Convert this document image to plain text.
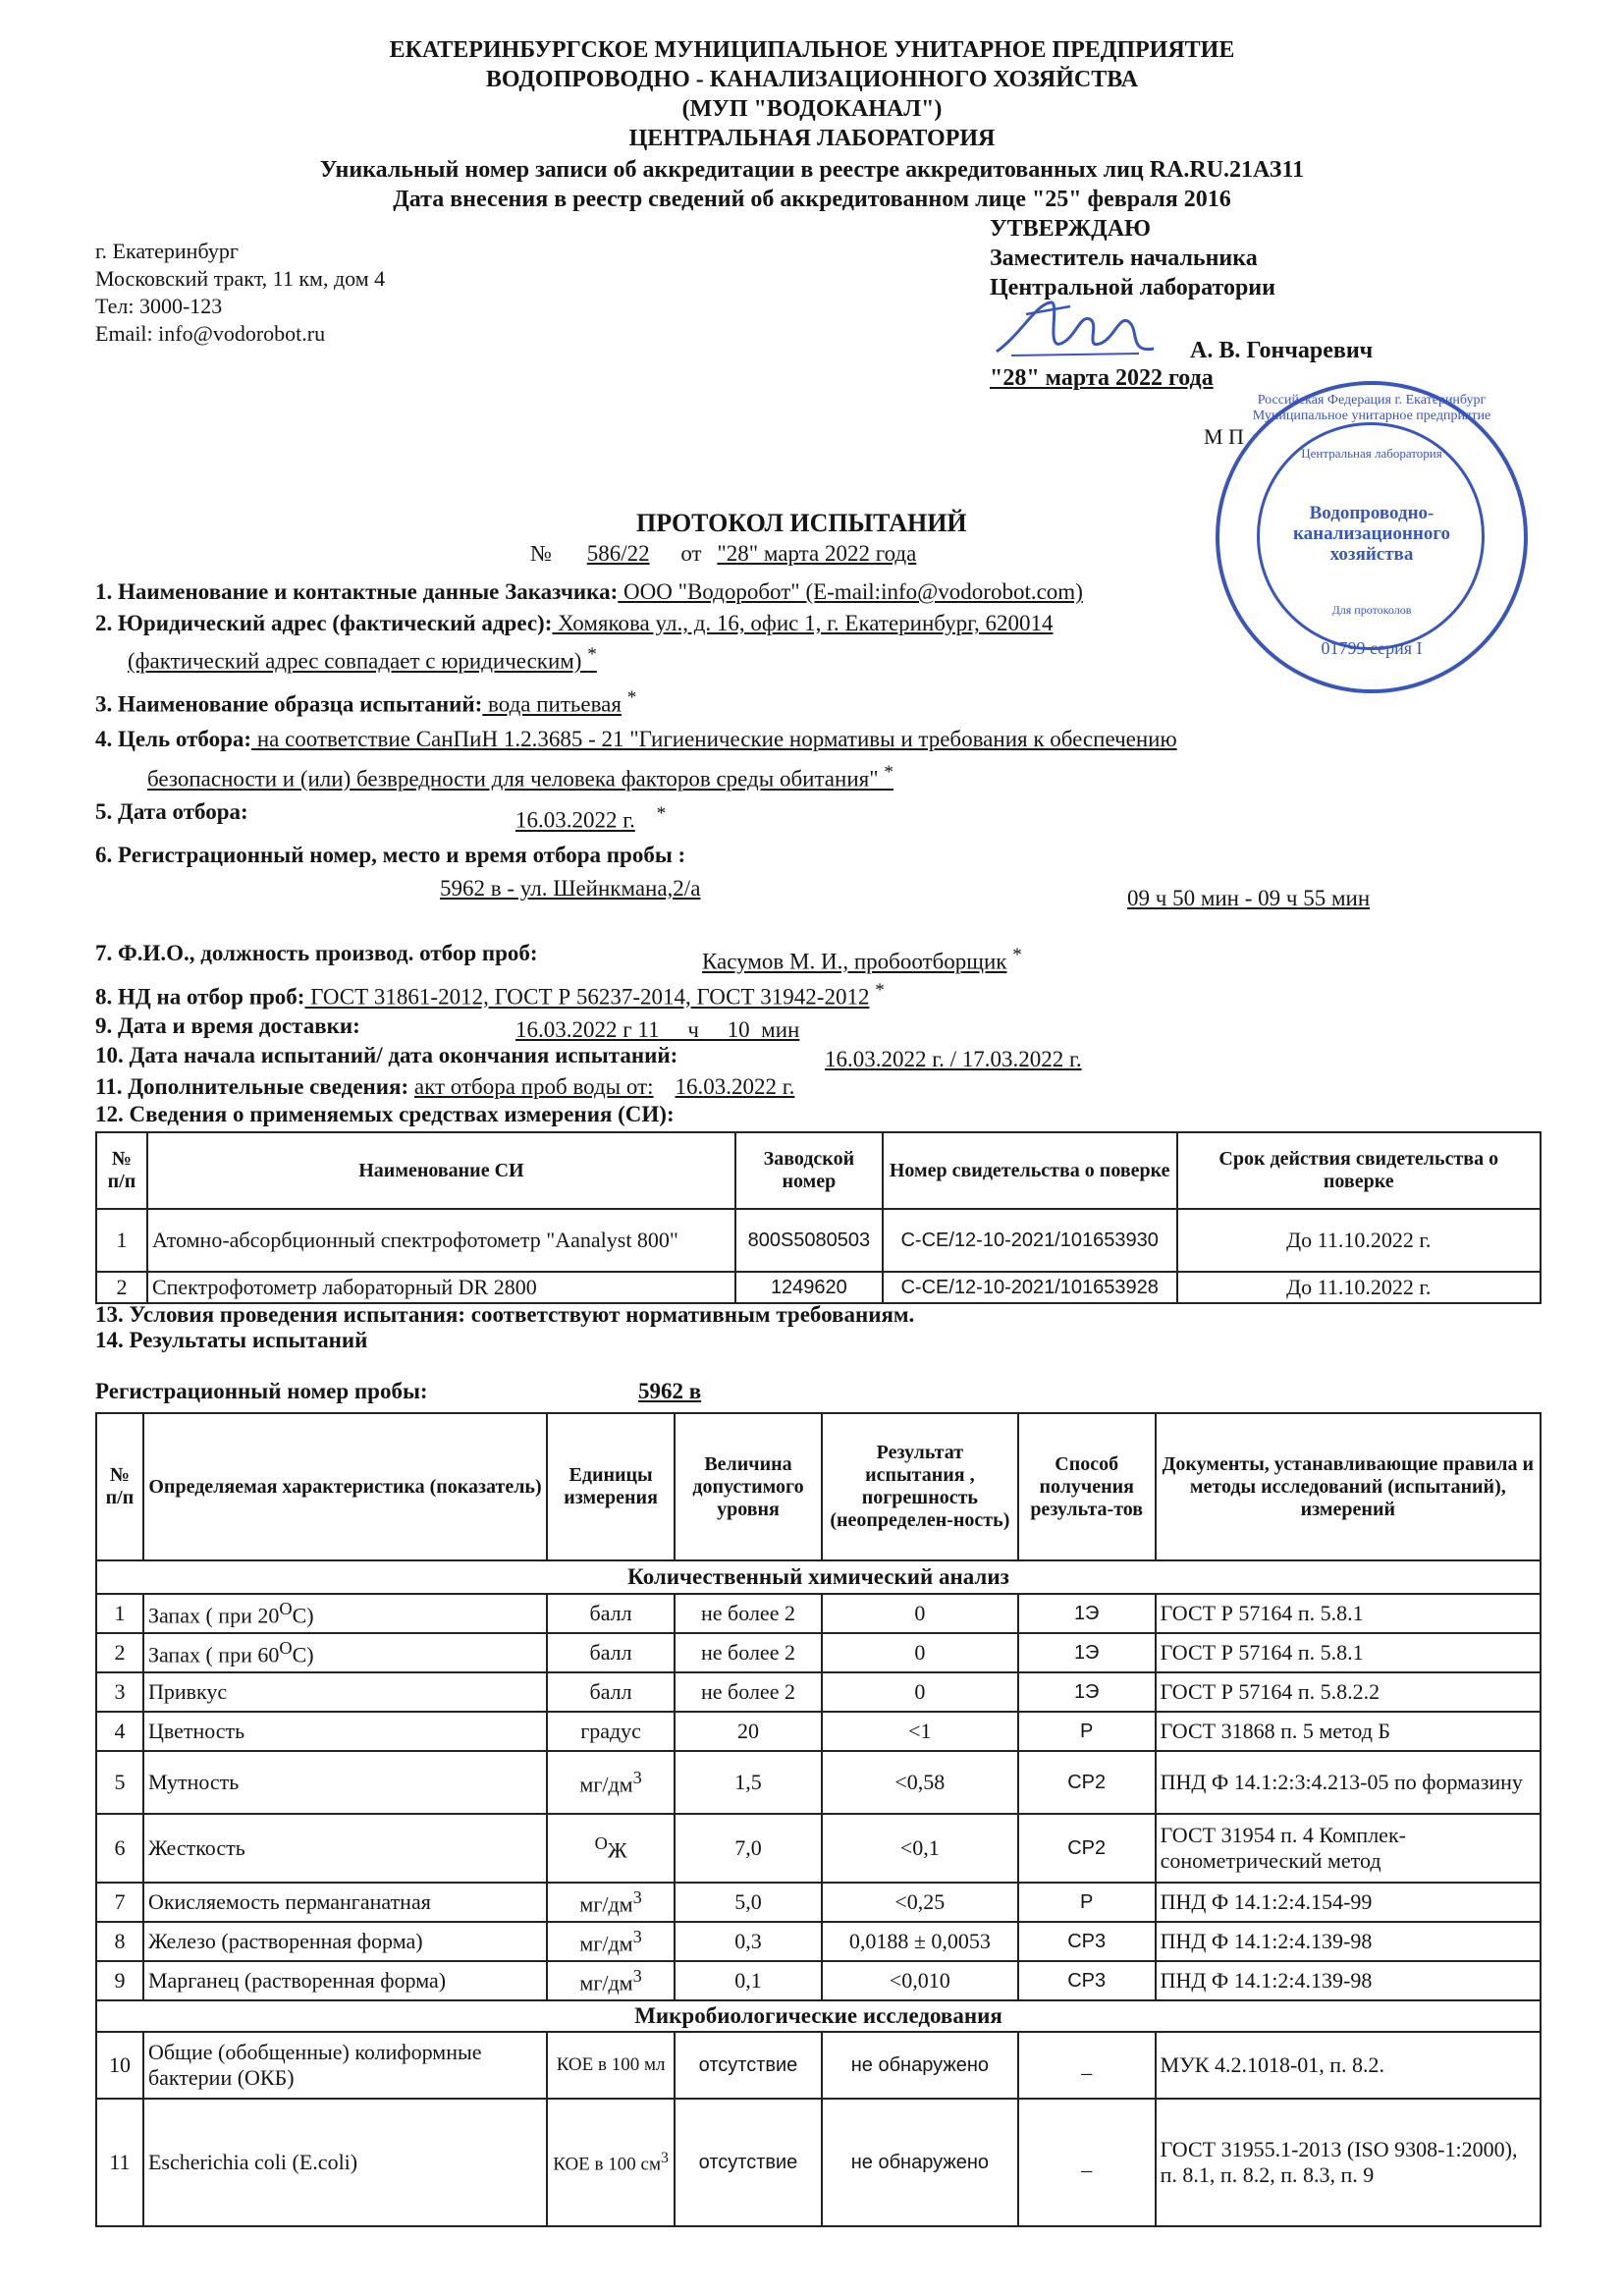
ЕКАТЕРИНБУРГСКОЕ МУНИЦИПАЛЬНОЕ УНИТАРНОЕ ПРЕДПРИЯТИЕ
ВОДОПРОВОДНО - КАНАЛИЗАЦИОННОГО ХОЗЯЙСТВА
(МУП "ВОДОКАНАЛ")
ЦЕНТРАЛЬНАЯ ЛАБОРАТОРИЯ
Уникальный номер записи об аккредитации в реестре аккредитованных лиц RA.RU.21АЗ11
Дата внесения в реестр сведений об аккредитованном лице "25" февраля 2016
г. Екатеринбург
Московский тракт, 11 км, дом 4
Тел: 3000-123
Email: info@vodorobot.ru
УТВЕРЖДАЮ
Заместитель начальника
Центральной лаборатории
А. В. Гончаревич
"28" марта 2022 года
М П
Водопроводно-канализационного хозяйства
Центральная лаборатория
Российская Федерация г. Екатеринбург Муниципальное унитарное предприятие
Для протоколов
01799 серия I
ПРОТОКОЛ ИСПЫТАНИЙ
№ 586/22 от "28" марта 2022 года
1. Наименование и контактные данные Заказчика: ООО "Водоробот" (E-mail:info@vodorobot.com)
2. Юридический адрес (фактический адрес): Хомякова ул., д. 16, офис 1, г. Екатеринбург, 620014
(фактический адрес совпадает с юридическим) *
3. Наименование образца испытаний: вода питьевая *
4. Цель отбора: на соответствие СанПиН 1.2.3685 - 21 "Гигиенические нормативы и требования к обеспечению
безопасности и (или) безвредности для человека факторов среды обитания" *
5. Дата отбора:	16.03.2022 г. *
6. Регистрационный номер, место и время отбора пробы :
5962 в - ул. Шейнкмана,2/а	09 ч 50 мин - 09 ч 55 мин
7. Ф.И.О., должность производ. отбор проб:	Касумов М. И., пробоотборщик *
8. НД на отбор проб: ГОСТ 31861-2012, ГОСТ Р 56237-2014, ГОСТ 31942-2012 *
9. Дата и время доставки:	16.03.2022 г 11     ч     10  мин
10. Дата начала испытаний/ дата окончания испытаний:	16.03.2022 г. / 17.03.2022 г.
11. Дополнительные сведения: акт отбора проб воды от: 16.03.2022 г.
12. Сведения о применяемых средствах измерения (СИ):
№ п/п	Наименование СИ	Заводской номер	Номер свидетельства о поверке	Срок действия свидетельства о поверке
1	Атомно-абсорбционный спектрофотометр "Aanalyst 800"	800S5080503	С-СЕ/12-10-2021/101653930	До 11.10.2022 г.
2	Спектрофотометр лабораторный DR 2800	1249620	С-СЕ/12-10-2021/101653928	До 11.10.2022 г.
13. Условия проведения испытания: соответствуют нормативным требованиям.
14. Результаты испытаний
Регистрационный номер пробы:	5962 в
№ п/п	Определяемая характеристика (показатель)	Единицы измерения	Величина допустимого уровня	Результат испытания , погрешность (неопределен-ность)	Способ получения результа-тов	Документы, устанавливающие правила и методы исследований (испытаний), измерений
Количественный химический анализ						
1	Запах ( при $20^ОС$)	балл	не более 2	0	1Э	ГОСТ Р 57164 п. 5.8.1
2	Запах ( при $60^ОС$)	балл	не более 2	0	1Э	ГОСТ Р 57164 п. 5.8.1
3	Привкус	балл	не более 2	0	1Э	ГОСТ Р 57164 п. 5.8.2.2
4	Цветность	градус	20	<1	Р	ГОСТ 31868 п. 5 метод Б
5	Мутность	$мг/дм^3$	1,5	<0,58	СР2	ПНД Ф 14.1:2:3:4.213-05 по формазину
6	Жесткость	$^О$Ж	7,0	<0,1	СР2	ГОСТ 31954 п. 4 Комплек-сонометрический метод
7	Окисляемость перманганатная	$мг/дм^3$	5,0	<0,25	Р	ПНД Ф 14.1:2:4.154-99
8	Железо (растворенная форма)	$мг/дм^3$	0,3	0,0188 ± 0,0053	СР3	ПНД Ф 14.1:2:4.139-98
9	Марганец (растворенная форма)	$мг/дм^3$	0,1	<0,010	СР3	ПНД Ф 14.1:2:4.139-98
Микробиологические исследования						
10	Общие (обобщенные) колиформные бактерии (ОКБ)	КОЕ в 100 мл	отсутствие	не обнаружено	_	МУК 4.2.1018-01, п. 8.2.
11	Escherichia coli (E.coli)	КОЕ в 100 $см^3$	отсутствие	не обнаружено	_	ГОСТ 31955.1-2013 (ISO 9308-1:2000), п. 8.1, п. 8.2, п. 8.3, п. 9
